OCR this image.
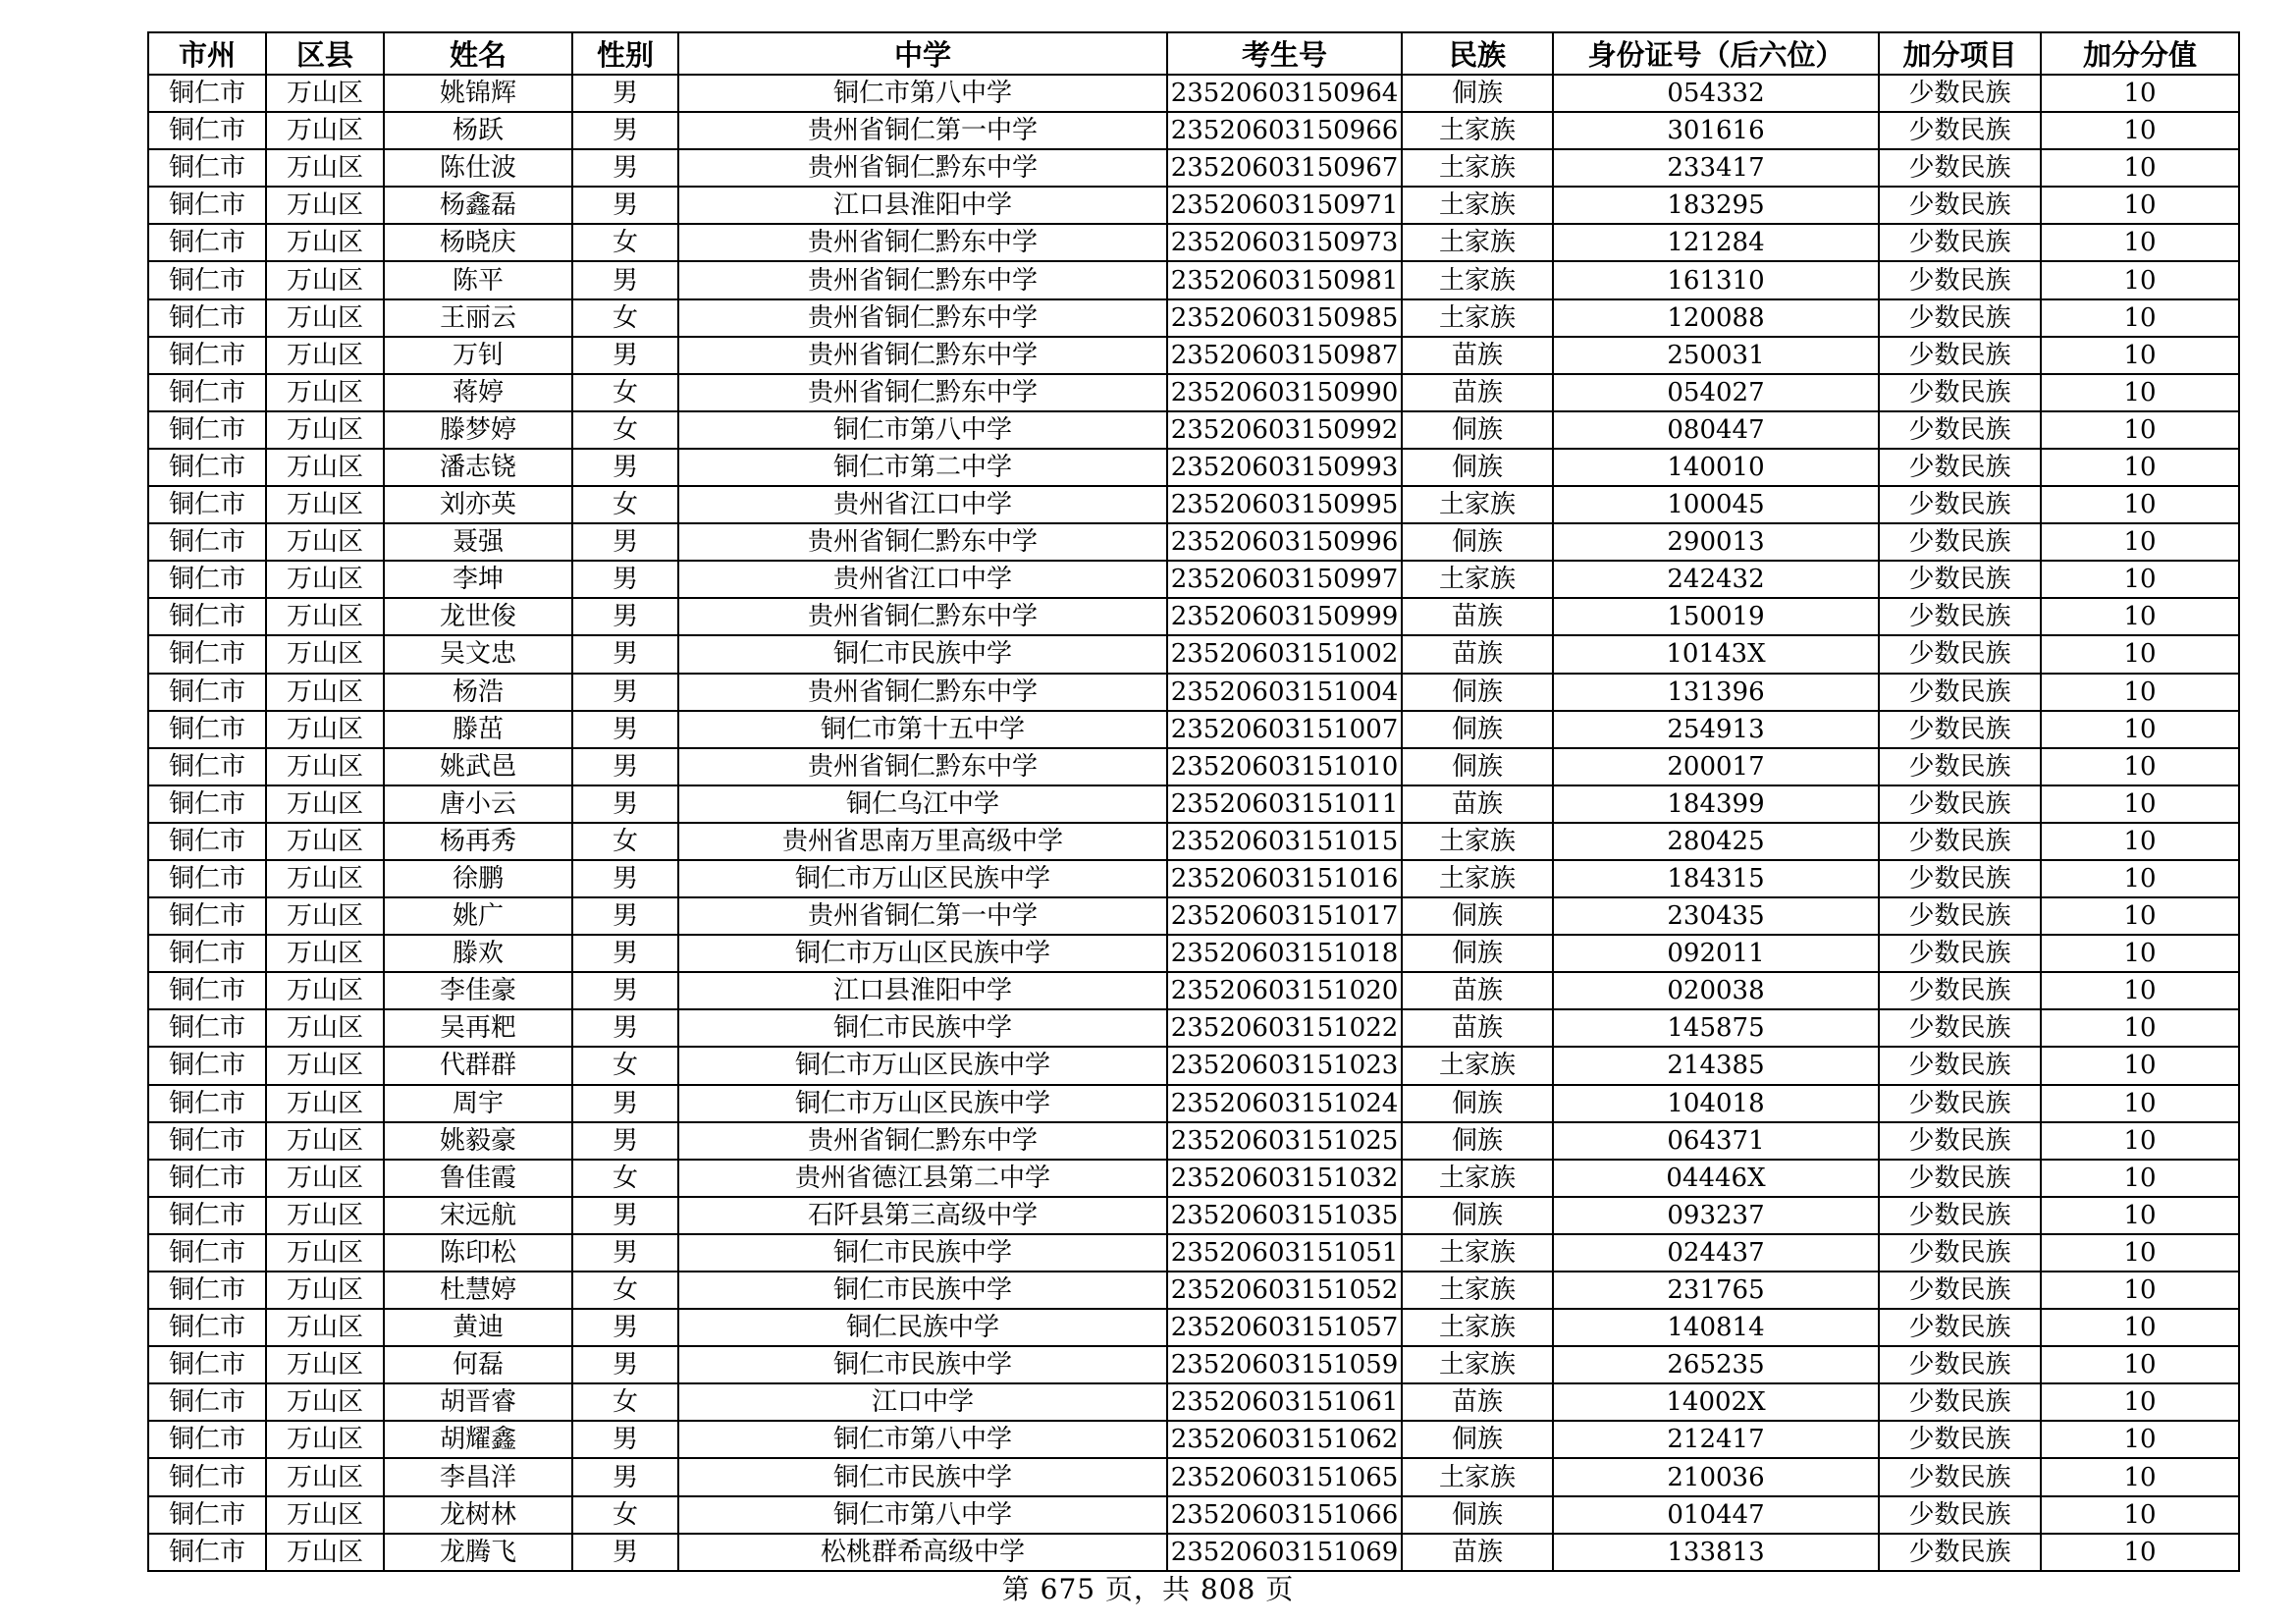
市州	区县	姓名	性别	中学	考生号	民族	身份证号（后六位）	加分项目	加分分值
铜仁市	万山区	姚锦辉	男	铜仁市第八中学	23520603150964	侗族	054332	少数民族	10
铜仁市	万山区	杨跃	男	贵州省铜仁第一中学	23520603150966	土家族	301616	少数民族	10
铜仁市	万山区	陈仕波	男	贵州省铜仁黔东中学	23520603150967	土家族	233417	少数民族	10
铜仁市	万山区	杨鑫磊	男	江口县淮阳中学	23520603150971	土家族	183295	少数民族	10
铜仁市	万山区	杨晓庆	女	贵州省铜仁黔东中学	23520603150973	土家族	121284	少数民族	10
铜仁市	万山区	陈平	男	贵州省铜仁黔东中学	23520603150981	土家族	161310	少数民族	10
铜仁市	万山区	王丽云	女	贵州省铜仁黔东中学	23520603150985	土家族	120088	少数民族	10
铜仁市	万山区	万钊	男	贵州省铜仁黔东中学	23520603150987	苗族	250031	少数民族	10
铜仁市	万山区	蒋婷	女	贵州省铜仁黔东中学	23520603150990	苗族	054027	少数民族	10
铜仁市	万山区	滕梦婷	女	铜仁市第八中学	23520603150992	侗族	080447	少数民族	10
铜仁市	万山区	潘志铙	男	铜仁市第二中学	23520603150993	侗族	140010	少数民族	10
铜仁市	万山区	刘亦英	女	贵州省江口中学	23520603150995	土家族	100045	少数民族	10
铜仁市	万山区	聂强	男	贵州省铜仁黔东中学	23520603150996	侗族	290013	少数民族	10
铜仁市	万山区	李坤	男	贵州省江口中学	23520603150997	土家族	242432	少数民族	10
铜仁市	万山区	龙世俊	男	贵州省铜仁黔东中学	23520603150999	苗族	150019	少数民族	10
铜仁市	万山区	吴文忠	男	铜仁市民族中学	23520603151002	苗族	10143X	少数民族	10
铜仁市	万山区	杨浩	男	贵州省铜仁黔东中学	23520603151004	侗族	131396	少数民族	10
铜仁市	万山区	滕茁	男	铜仁市第十五中学	23520603151007	侗族	254913	少数民族	10
铜仁市	万山区	姚武邑	男	贵州省铜仁黔东中学	23520603151010	侗族	200017	少数民族	10
铜仁市	万山区	唐小云	男	铜仁乌江中学	23520603151011	苗族	184399	少数民族	10
铜仁市	万山区	杨再秀	女	贵州省思南万里高级中学	23520603151015	土家族	280425	少数民族	10
铜仁市	万山区	徐鹏	男	铜仁市万山区民族中学	23520603151016	土家族	184315	少数民族	10
铜仁市	万山区	姚广	男	贵州省铜仁第一中学	23520603151017	侗族	230435	少数民族	10
铜仁市	万山区	滕欢	男	铜仁市万山区民族中学	23520603151018	侗族	092011	少数民族	10
铜仁市	万山区	李佳豪	男	江口县淮阳中学	23520603151020	苗族	020038	少数民族	10
铜仁市	万山区	吴再粑	男	铜仁市民族中学	23520603151022	苗族	145875	少数民族	10
铜仁市	万山区	代群群	女	铜仁市万山区民族中学	23520603151023	土家族	214385	少数民族	10
铜仁市	万山区	周宇	男	铜仁市万山区民族中学	23520603151024	侗族	104018	少数民族	10
铜仁市	万山区	姚毅豪	男	贵州省铜仁黔东中学	23520603151025	侗族	064371	少数民族	10
铜仁市	万山区	鲁佳霞	女	贵州省德江县第二中学	23520603151032	土家族	04446X	少数民族	10
铜仁市	万山区	宋远航	男	石阡县第三高级中学	23520603151035	侗族	093237	少数民族	10
铜仁市	万山区	陈印松	男	铜仁市民族中学	23520603151051	土家族	024437	少数民族	10
铜仁市	万山区	杜慧婷	女	铜仁市民族中学	23520603151052	土家族	231765	少数民族	10
铜仁市	万山区	黄迪	男	铜仁民族中学	23520603151057	土家族	140814	少数民族	10
铜仁市	万山区	何磊	男	铜仁市民族中学	23520603151059	土家族	265235	少数民族	10
铜仁市	万山区	胡晋睿	女	江口中学	23520603151061	苗族	14002X	少数民族	10
铜仁市	万山区	胡耀鑫	男	铜仁市第八中学	23520603151062	侗族	212417	少数民族	10
铜仁市	万山区	李昌洋	男	铜仁市民族中学	23520603151065	土家族	210036	少数民族	10
铜仁市	万山区	龙树林	女	铜仁市第八中学	23520603151066	侗族	010447	少数民族	10
铜仁市	万山区	龙腾飞	男	松桃群希高级中学	23520603151069	苗族	133813	少数民族	10
第 675 页，共 808 页
